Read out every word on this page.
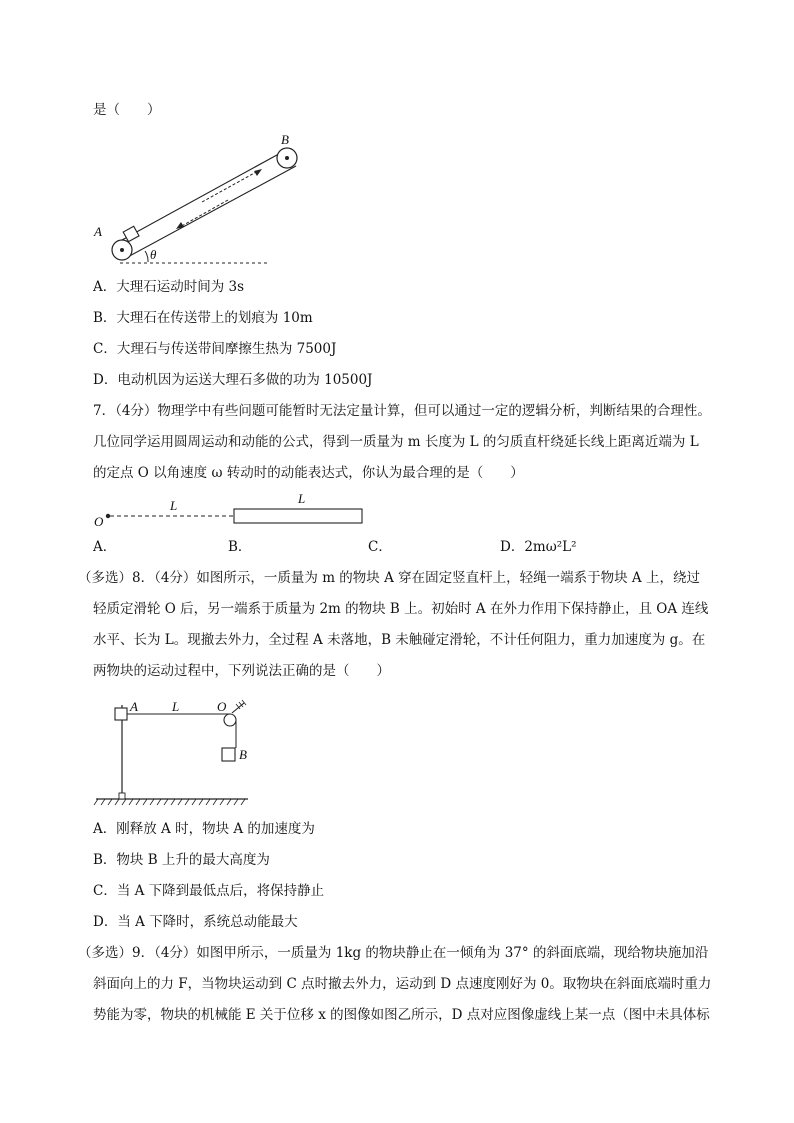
是（　　）
θ
B
A
A．大理石运动时间为 3s
B．大理石在传送带上的划痕为 10m
C．大理石与传送带间摩擦生热为 7500J
D．电动机因为运送大理石多做的功为 10500J
7．（4分）物理学中有些问题可能暂时无法定量计算，但可以通过一定的逻辑分析，判断结果的合理性。
几位同学运用圆周运动和动能的公式，得到一质量为 m 长度为 L 的匀质直杆绕延长线上距离近端为 L
的定点 O 以角速度 ω 转动时的动能表达式，你认为最合理的是（　　）
O
L	L
A．	B．	C．	D．2mω²L²
（多选）8．（4分）如图所示，一质量为 m 的物块 A 穿在固定竖直杆上，轻绳一端系于物块 A 上，绕过
轻质定滑轮 O 后，另一端系于质量为 2m 的物块 B 上。初始时 A 在外力作用下保持静止，且 OA 连线
水平、长为 L。现撤去外力，全过程 A 未落地，B 未触碰定滑轮，不计任何阻力，重力加速度为 g。在
两物块的运动过程中，下列说法正确的是（　　）
A	L	O
B
A．刚释放 A 时，物块 A 的加速度为
B．物块 B 上升的最大高度为
C．当 A 下降到最低点后，将保持静止
D．当 A 下降时，系统总动能最大
（多选）9．（4分）如图甲所示，一质量为 1kg 的物块静止在一倾角为 37° 的斜面底端，现给物块施加沿
斜面向上的力 F，当物块运动到 C 点时撤去外力，运动到 D 点速度刚好为 0。取物块在斜面底端时重力
势能为零，物块的机械能 E 关于位移 x 的图像如图乙所示，D 点对应图像虚线上某一点（图中未具体标
